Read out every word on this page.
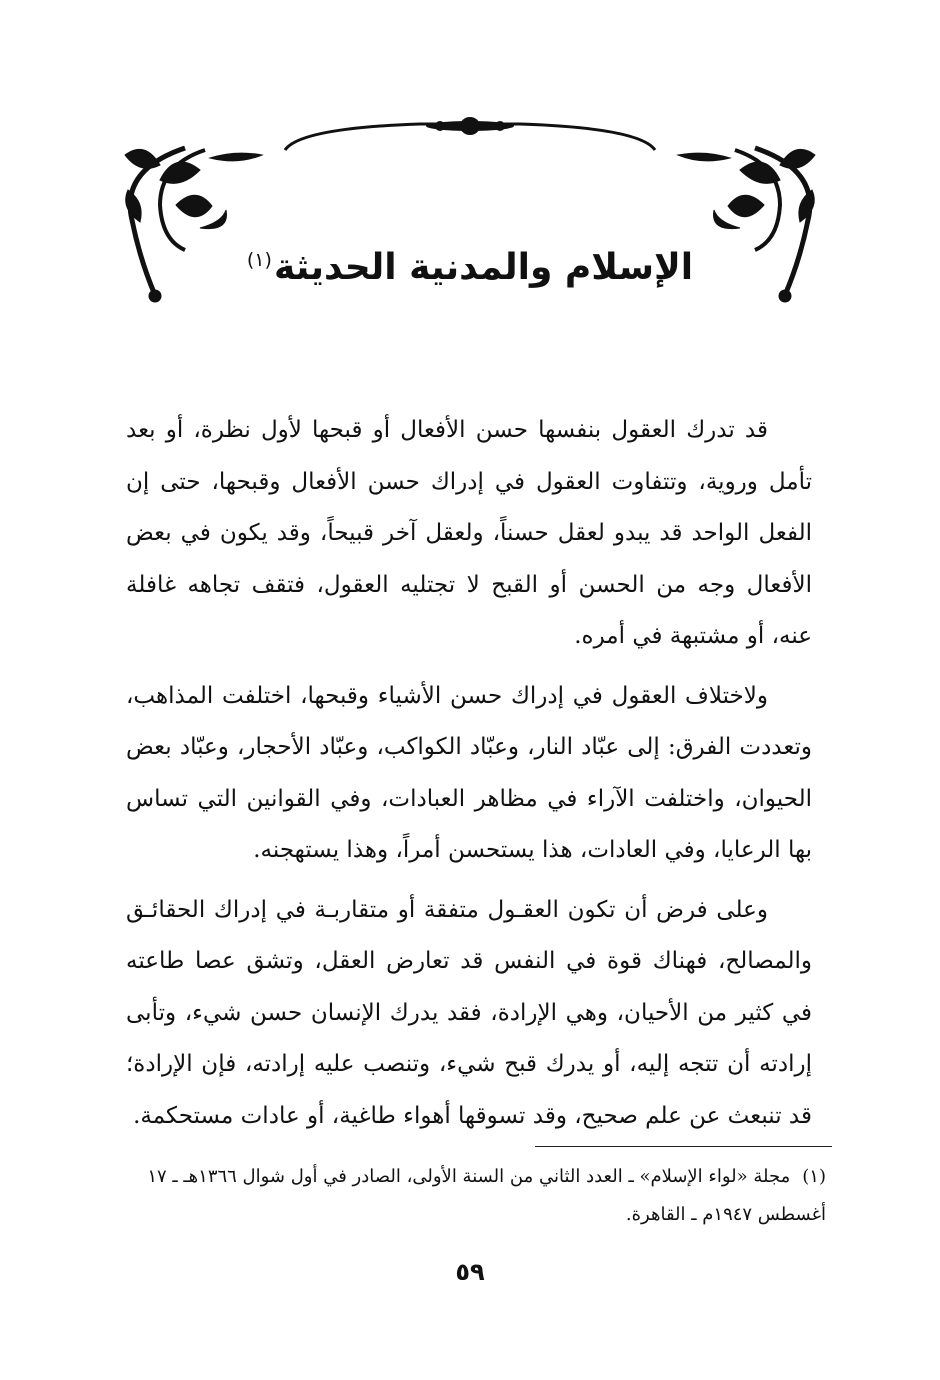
الإسلام والمدنية الحديثة$^{(١)}$

قد تدرك العقول بنفسها حسن الأفعال أو قبحها لأول نظرة، أو بعد تأمل وروية، وتتفاوت العقول في إدراك حسن الأفعال وقبحها، حتى إن الفعل الواحد قد يبدو لعقل حسناً، ولعقل آخر قبيحاً، وقد يكون في بعض الأفعال وجه من الحسن أو القبح لا تجتليه العقول، فتقف تجاهه غافلة عنه، أو مشتبهة في أمره.

ولاختلاف العقول في إدراك حسن الأشياء وقبحها، اختلفت المذاهب، وتعددت الفرق: إلى عبّاد النار، وعبّاد الكواكب، وعبّاد الأحجار، وعبّاد بعض الحيوان، واختلفت الآراء في مظاهر العبادات، وفي القوانين التي تساس بها الرعايا، وفي العادات، هذا يستحسن أمراً، وهذا يستهجنه.

وعلى فرض أن تكون العقـول متفقة أو متقاربـة في إدراك الحقائـق والمصالح، فهناك قوة في النفس قد تعارض العقل، وتشق عصا طاعته في كثير من الأحيان، وهي الإرادة، فقد يدرك الإنسان حسن شيء، وتأبى إرادته أن تتجه إليه، أو يدرك قبح شيء، وتنصب عليه إرادته، فإن الإرادة؛ قد تنبعث عن علم صحيح، وقد تسوقها أهواء طاغية، أو عادات مستحكمة.

(١)مجلة «لواء الإسلام» ـ العدد الثاني من السنة الأولى، الصادر في أول شوال ١٣٦٦هـ ـ ١٧ أغسطس ١٩٤٧م ـ القاهرة.

٥٩
